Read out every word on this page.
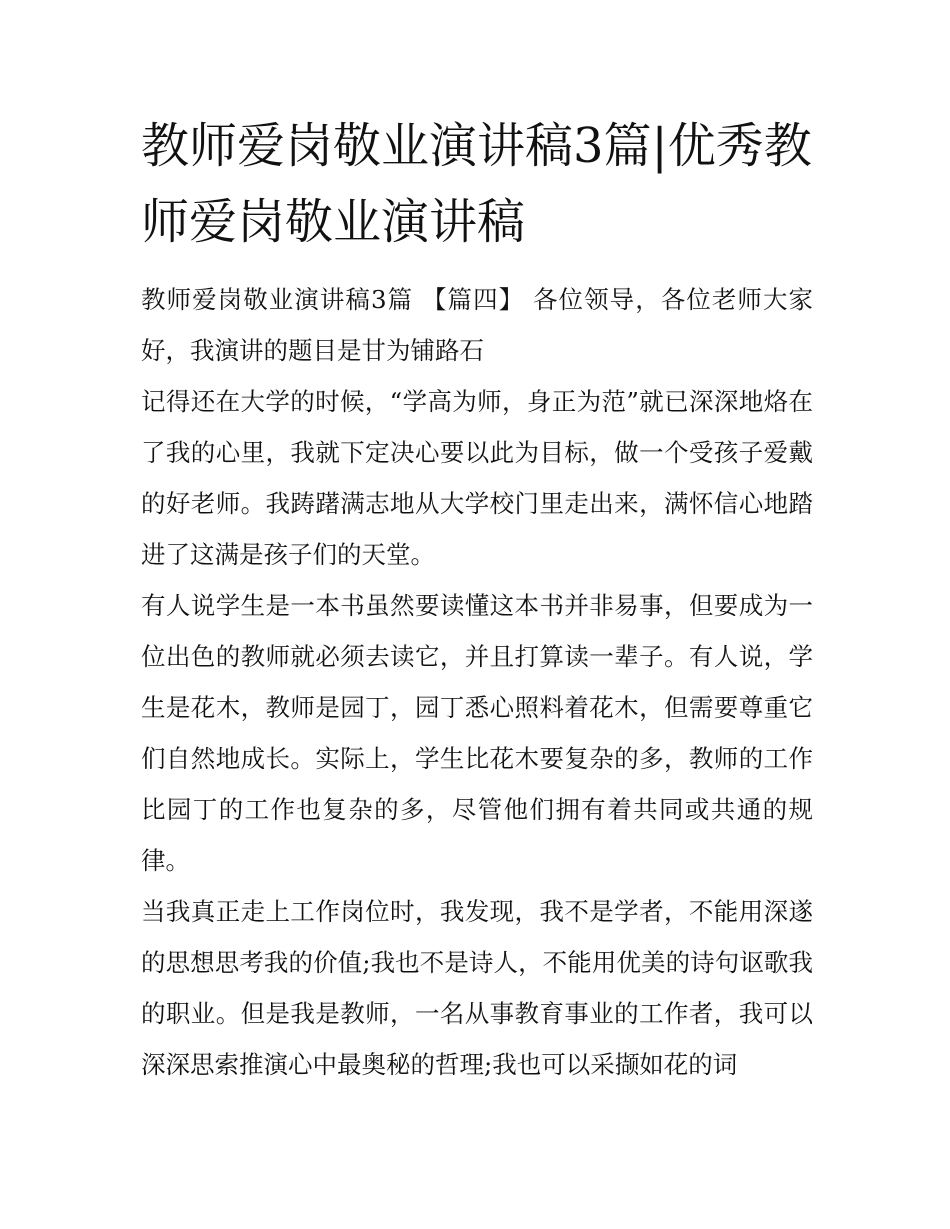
教师爱岗敬业演讲稿3篇|优秀教师爱岗敬业演讲稿

教师爱岗敬业演讲稿3篇 【篇四】 各位领导，各位老师大家好，我演讲的题目是甘为铺路石

记得还在大学的时候，“学高为师，身正为范”就已深深地烙在了我的心里，我就下定决心要以此为目标，做一个受孩子爱戴的好老师。我踌躇满志地从大学校门里走出来，满怀信心地踏进了这满是孩子们的天堂。

有人说学生是一本书虽然要读懂这本书并非易事，但要成为一位出色的教师就必须去读它，并且打算读一辈子。有人说，学生是花木，教师是园丁，园丁悉心照料着花木，但需要尊重它们自然地成长。实际上，学生比花木要复杂的多，教师的工作比园丁的工作也复杂的多，尽管他们拥有着共同或共通的规律。

当我真正走上工作岗位时，我发现，我不是学者，不能用深遂的思想思考我的价值;我也不是诗人，不能用优美的诗句讴歌我的职业。但是我是教师，一名从事教育事业的工作者，我可以深深思索推演心中最奥秘的哲理;我也可以采撷如花的词
